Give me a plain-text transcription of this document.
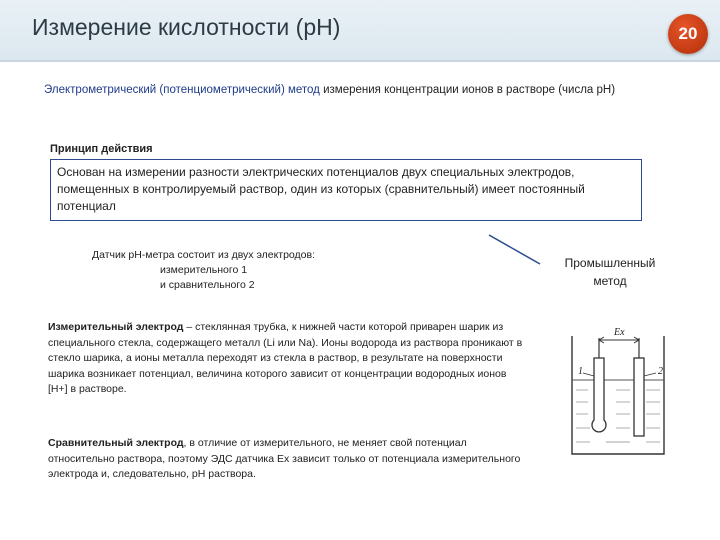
Измерение кислотности (pH)	20
Электрометрический (потенциометрический) метод измерения концентрации ионов в растворе (числа pH)
Принцип действия
Основан на измерении разности электрических потенциалов двух специальных электродов, помещенных в контролируемый раствор, один из которых (сравнительный) имеет постоянный потенциал
Датчик pH-метра состоит из двух электродов:
измерительного 1
и сравнительного 2
Промышленный
метод
Измерительный электрод – стеклянная трубка, к нижней части которой приварен шарик из специального стекла, содержащего металл (Li или Na). Ионы водорода из раствора проникают в стекло шарика, а ионы металла переходят из стекла в раствор, в результате на поверхности шарика возникает потенциал, величина которого зависит от концентрации водородных ионов [H+] в растворе.
Сравнительный электрод, в отличие от измерительного, не меняет свой потенциал относительно раствора, поэтому ЭДС датчика Ex зависит только от потенциала измерительного электрода и, следовательно, pH раствора.
Ex
1	2
